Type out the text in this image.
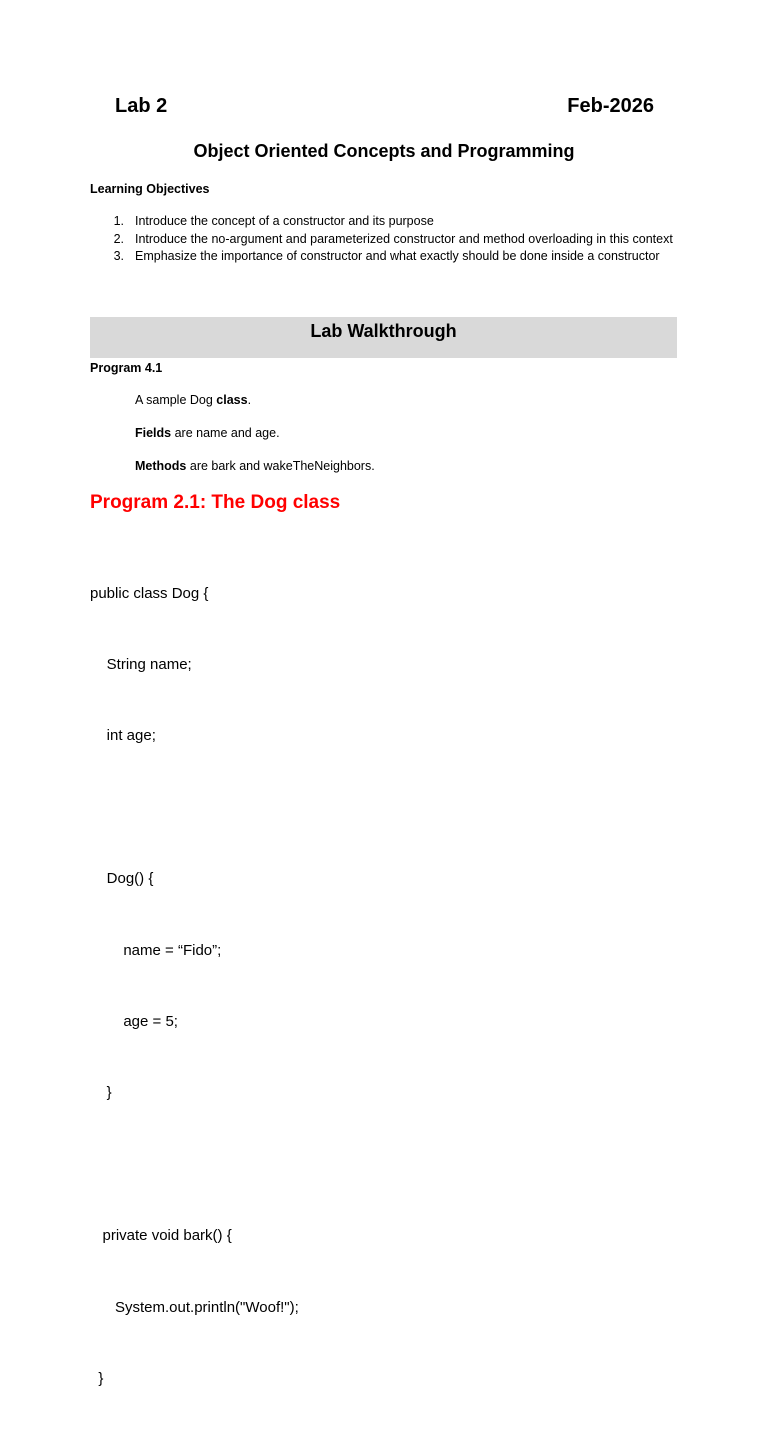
Lab 2	Feb-2026
Object Oriented Concepts and Programming

Learning Objectives

1. Introduce the concept of a constructor and its purpose
2. Introduce the no-argument and parameterized constructor and method overloading in this context
3. Emphasize the importance of constructor and what exactly should be done inside a constructor
Lab Walkthrough

Program 4.1

A sample Dog class.

Fields are name and age.

Methods are bark and wakeTheNeighbors.

Program 2.1: The Dog class

public class Dog {

String name;

int age;

Dog() {

name = “Fido”;

age = 5;

}

private void bark() {

System.out.println("Woof!");

}
